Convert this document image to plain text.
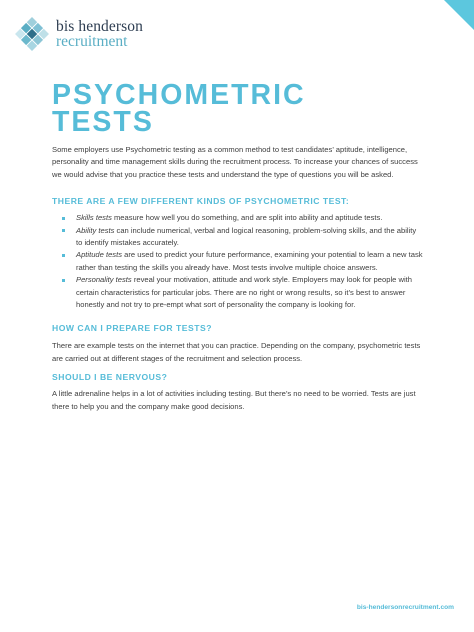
bis henderson
recruitment
PSYCHOMETRIC
TESTS

Some employers use Psychometric testing as a common method to test candidates’ aptitude, intelligence, personality and time management skills during the recruitment process. To increase your chances of success we would advise that you practice these tests and understand the type of questions you will be asked.

THERE ARE A FEW DIFFERENT KINDS OF PSYCHOMETRIC TEST:
Skills tests measure how well you do something, and are split into ability and aptitude tests.
Ability tests can include numerical, verbal and logical reasoning, problem-solving skills, and the ability to identify mistakes accurately.
Aptitude tests are used to predict your future performance, examining your potential to learn a new task rather than testing the skills you already have. Most tests involve multiple choice answers.
Personality tests reveal your motivation, attitude and work style. Employers may look for people with certain characteristics for particular jobs. There are no right or wrong results, so it’s best to answer honestly and not try to pre-empt what sort of personality the company is looking for.
HOW CAN I PREPARE FOR TESTS?

There are example tests on the internet that you can practice. Depending on the company, psychometric tests are carried out at different stages of the recruitment and selection process.

SHOULD I BE NERVOUS?

A little adrenaline helps in a lot of activities including testing. But there’s no need to be worried. Tests are just there to help you and the company make good decisions.

bis-hendersonrecruitment.com
